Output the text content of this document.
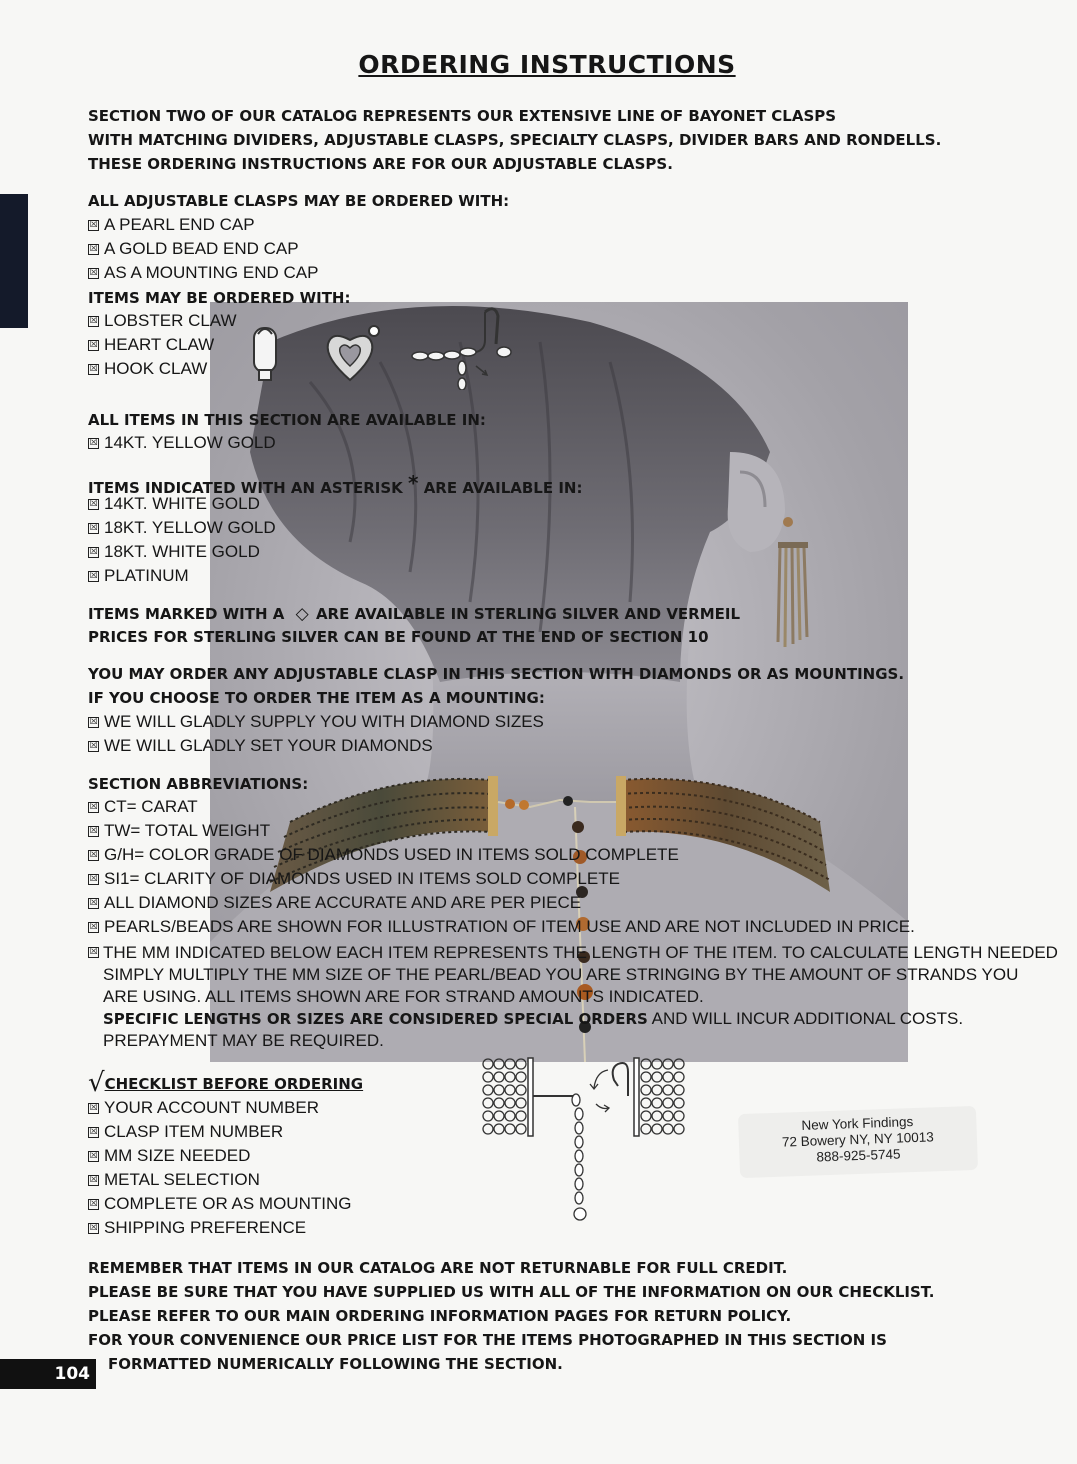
ORDERING INSTRUCTIONS

SECTION TWO OF OUR CATALOG REPRESENTS OUR EXTENSIVE LINE OF BAYONET CLASPS

WITH MATCHING DIVIDERS, ADJUSTABLE CLASPS, SPECIALTY CLASPS, DIVIDER BARS AND RONDELLS.

THESE ORDERING INSTRUCTIONS ARE FOR OUR ADJUSTABLE CLASPS.

ALL ADJUSTABLE CLASPS MAY BE ORDERED WITH:

☒ A PEARL END CAP
☒ A GOLD BEAD END CAP
☒ AS A MOUNTING END CAP

ITEMS MAY BE ORDERED WITH:

☒ LOBSTER CLAW
☒ HEART CLAW
☒ HOOK CLAW

ALL ITEMS IN THIS SECTION ARE AVAILABLE IN:

☒ 14KT. YELLOW GOLD

ITEMS INDICATED WITH AN ASTERISK * ARE AVAILABLE IN:

☒ 14KT. WHITE GOLD
☒ 18KT. YELLOW GOLD
☒ 18KT. WHITE GOLD
☒ PLATINUM

ITEMS MARKED WITH A ◇ ARE AVAILABLE IN STERLING SILVER AND VERMEIL

PRICES FOR STERLING SILVER CAN BE FOUND AT THE END OF SECTION 10

YOU MAY ORDER ANY ADJUSTABLE CLASP IN THIS SECTION WITH DIAMONDS OR AS MOUNTINGS.

IF YOU CHOOSE TO ORDER THE ITEM AS A MOUNTING:

☒ WE WILL GLADLY SUPPLY YOU WITH DIAMOND SIZES
☒ WE WILL GLADLY SET YOUR DIAMONDS

SECTION ABBREVIATIONS:

☒ CT= CARAT
☒ TW= TOTAL WEIGHT
☒ G/H= COLOR GRADE OF DIAMONDS USED IN ITEMS SOLD COMPLETE
☒ SI1= CLARITY OF DIAMONDS USED IN ITEMS SOLD COMPLETE
☒ ALL DIAMOND SIZES ARE ACCURATE AND ARE PER PIECE
☒ PEARLS/BEADS ARE SHOWN FOR ILLUSTRATION OF ITEM USE AND ARE NOT INCLUDED IN PRICE.
☒ THE MM INDICATED BELOW EACH ITEM REPRESENTS THE LENGTH OF THE ITEM. TO CALCULATE LENGTH NEEDED

SIMPLY MULTIPLY THE MM SIZE OF THE PEARL/BEAD YOU ARE STRINGING BY THE AMOUNT OF STRANDS YOU

ARE USING. ALL ITEMS SHOWN ARE FOR STRAND AMOUNTS INDICATED.

SPECIFIC LENGTHS OR SIZES ARE CONSIDERED SPECIAL ORDERS AND WILL INCUR ADDITIONAL COSTS.

PREPAYMENT MAY BE REQUIRED.

√CHECKLIST BEFORE ORDERING
☒ YOUR ACCOUNT NUMBER
☒ CLASP ITEM NUMBER
☒ MM SIZE NEEDED
☒ METAL SELECTION
☒ COMPLETE OR AS MOUNTING
☒ SHIPPING PREFERENCE

New York Findings

72 Bowery NY, NY 10013

888-925-5745

REMEMBER THAT ITEMS IN OUR CATALOG ARE NOT RETURNABLE FOR FULL CREDIT.

PLEASE BE SURE THAT YOU HAVE SUPPLIED US WITH ALL OF THE INFORMATION ON OUR CHECKLIST.

PLEASE REFER TO OUR MAIN ORDERING INFORMATION PAGES FOR RETURN POLICY.

FOR YOUR CONVENIENCE OUR PRICE LIST FOR THE ITEMS PHOTOGRAPHED IN THIS SECTION IS

FORMATTED NUMERICALLY FOLLOWING THE SECTION.

104
